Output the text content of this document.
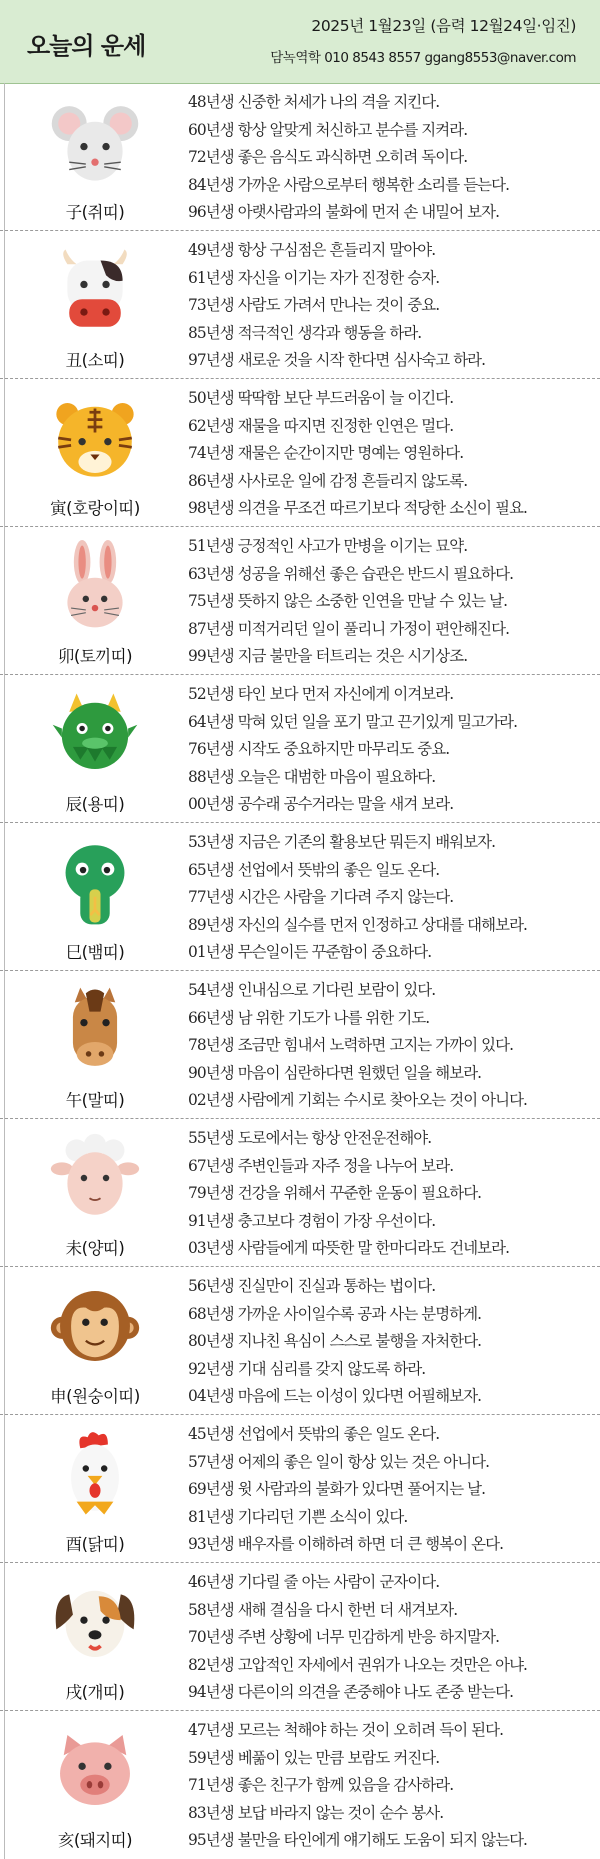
오늘의 운세
2025년 1월23일 (음력 12월24일·임진)
담녹역학 010 8543 8557 ggang8553@naver.com
子(쥐띠)
48년생 신중한 처세가 나의 격을 지킨다.
60년생 항상 알맞게 처신하고 분수를 지켜라.
72년생 좋은 음식도 과식하면 오히려 독이다.
84년생 가까운 사람으로부터 행복한 소리를 듣는다.
96년생 아랫사람과의 불화에 먼저 손 내밀어 보자.
丑(소띠)
49년생 항상 구심점은 흔들리지 말아야.
61년생 자신을 이기는 자가 진정한 승자.
73년생 사람도 가려서 만나는 것이 중요.
85년생 적극적인 생각과 행동을 하라.
97년생 새로운 것을 시작 한다면 심사숙고 하라.
寅(호랑이띠)
50년생 딱딱함 보단 부드러움이 늘 이긴다.
62년생 재물을 따지면 진정한 인연은 멀다.
74년생 재물은 순간이지만 명예는 영원하다.
86년생 사사로운 일에 감정 흔들리지 않도록.
98년생 의견을 무조건 따르기보다 적당한 소신이 필요.
卯(토끼띠)
51년생 긍정적인 사고가 만병을 이기는 묘약.
63년생 성공을 위해선 좋은 습관은 반드시 필요하다.
75년생 뜻하지 않은 소중한 인연을 만날 수 있는 날.
87년생 미적거리던 일이 풀리니 가정이 편안해진다.
99년생 지금 불만을 터트리는 것은 시기상조.
辰(용띠)
52년생 타인 보다 먼저 자신에게 이겨보라.
64년생 막혀 있던 일을 포기 말고 끈기있게 밀고가라.
76년생 시작도 중요하지만 마무리도 중요.
88년생 오늘은 대범한 마음이 필요하다.
00년생 공수래 공수거라는 말을 새겨 보라.
巳(뱀띠)
53년생 지금은 기존의 활용보단 뭐든지 배워보자.
65년생 선업에서 뜻밖의 좋은 일도 온다.
77년생 시간은 사람을 기다려 주지 않는다.
89년생 자신의 실수를 먼저 인정하고 상대를 대해보라.
01년생 무슨일이든 꾸준함이 중요하다.
午(말띠)
54년생 인내심으로 기다린 보람이 있다.
66년생 남 위한 기도가 나를 위한 기도.
78년생 조금만 힘내서 노력하면 고지는 가까이 있다.
90년생 마음이 심란하다면 원했던 일을 해보라.
02년생 사람에게 기회는 수시로 찾아오는 것이 아니다.
未(양띠)
55년생 도로에서는 항상 안전운전해야.
67년생 주변인들과 자주 정을 나누어 보라.
79년생 건강을 위해서 꾸준한 운동이 필요하다.
91년생 충고보다 경험이 가장 우선이다.
03년생 사람들에게 따뜻한 말 한마디라도 건네보라.
申(원숭이띠)
56년생 진실만이 진실과 통하는 법이다.
68년생 가까운 사이일수록 공과 사는 분명하게.
80년생 지나친 욕심이 스스로 불행을 자처한다.
92년생 기대 심리를 갖지 않도록 하라.
04년생 마음에 드는 이성이 있다면 어필해보자.
酉(닭띠)
45년생 선업에서 뜻밖의 좋은 일도 온다.
57년생 어제의 좋은 일이 항상 있는 것은 아니다.
69년생 윗 사람과의 불화가 있다면 풀어지는 날.
81년생 기다리던 기쁜 소식이 있다.
93년생 배우자를 이해하려 하면 더 큰 행복이 온다.
戌(개띠)
46년생 기다릴 줄 아는 사람이 군자이다.
58년생 새해 결심을 다시 한번 더 새겨보자.
70년생 주변 상황에 너무 민감하게 반응 하지말자.
82년생 고압적인 자세에서 권위가 나오는 것만은 아냐.
94년생 다른이의 의견을 존중해야 나도 존중 받는다.
亥(돼지띠)
47년생 모르는 척해야 하는 것이 오히려 득이 된다.
59년생 베풂이 있는 만큼 보람도 커진다.
71년생 좋은 친구가 함께 있음을 감사하라.
83년생 보답 바라지 않는 것이 순수 봉사.
95년생 불만을 타인에게 얘기해도 도움이 되지 않는다.
